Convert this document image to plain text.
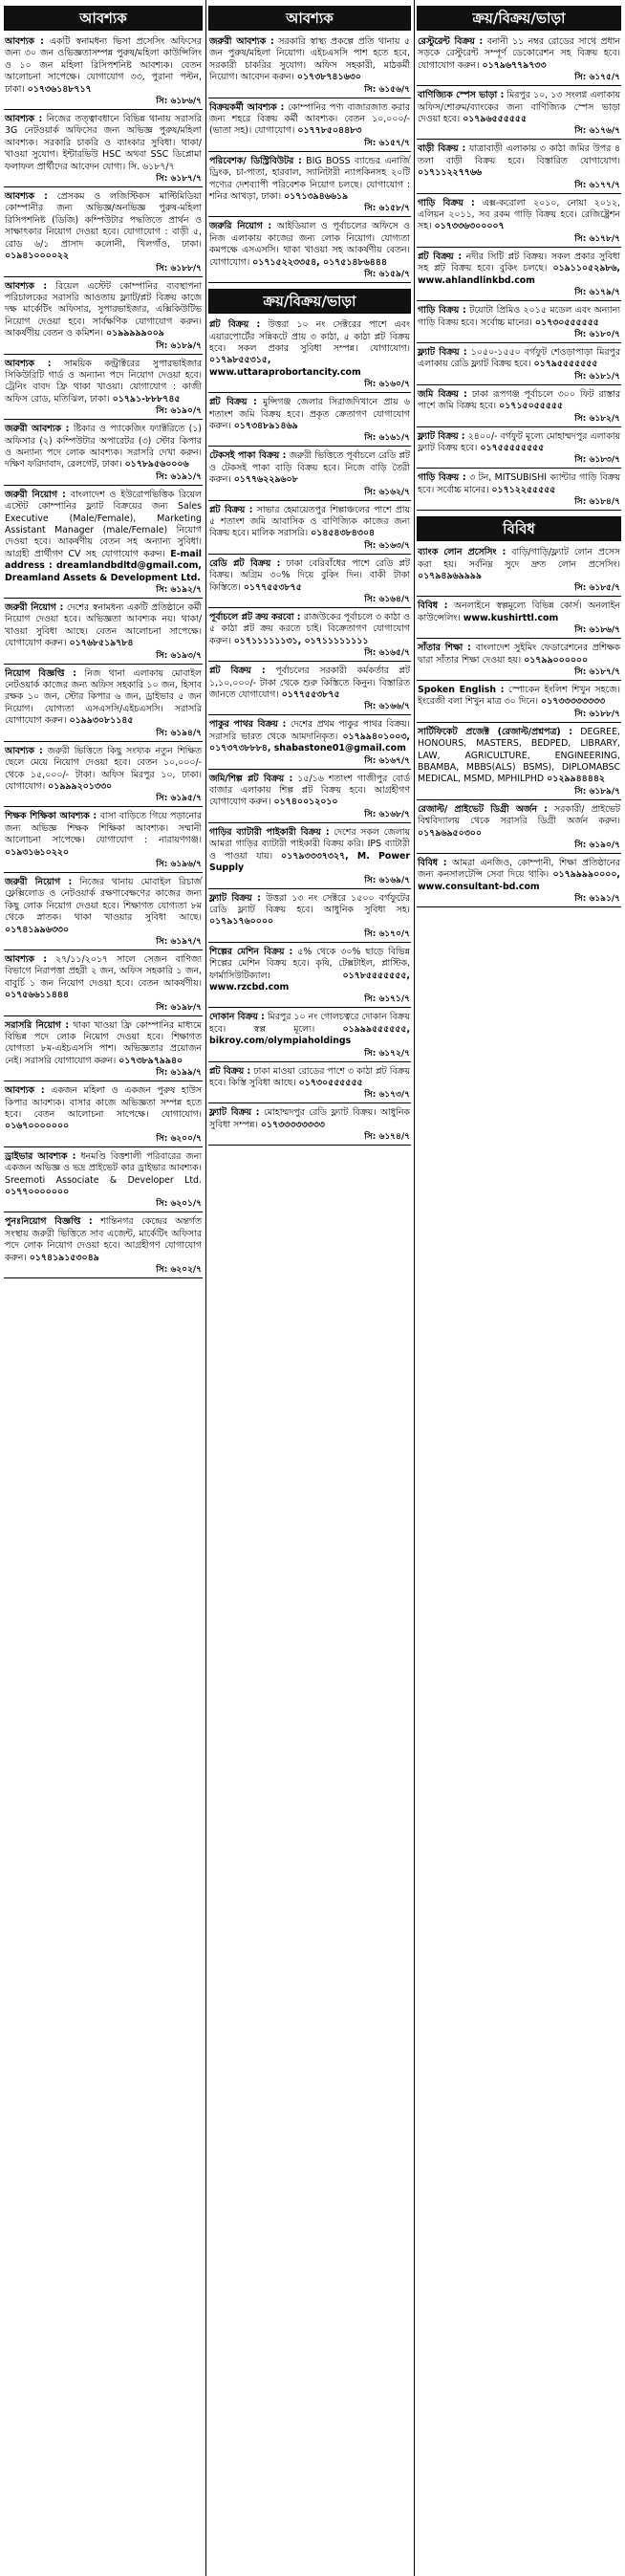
আবশ্যক
আবশ্যক : একটি স্বনামধন্য ভিসা প্রসেসিং অফিসের জন্য ৩০ জন ওভিজ্ঞতাসম্পন্ন পুরুষ/মহিলা কাউন্সিলিং ও ১০ জন মহিলা রিসিপশনিষ্ট আবশ্যক। বেতন আলোচনা সাপেক্ষে। যোগাযোগ ৩৩, পুরানা পল্টন, ঢাকা। ০১৭৩৬১৪৮৭১৭
সি: ৬১৮৬/৭
আবশ্যক : নিজের তত্ত্বাবধানে বিভিন্ন থানায় সরাসরি 3G নেটওয়ার্ক অফিসের জন্য অভিজ্ঞ পুরুষ/মহিলা আবশ্যক। সরকারি চাকরি ও ব্যাংকার সুবিধা। থাকা/খাওয়া সুযোগ। ইন্টারভিউ HSC অথবা SSC ডিপ্লোমা ফলাফল প্রার্থীদের আবেদন যোগ্য। সি. ৬১৮৭/৭
সি: ৬১৮৭/৭
আবশ্যক : প্রেসকম ও লজিস্টিকস মাল্টিমিডিয়া কোম্পানীর জন্য অভিজ্ঞ/অনভিজ্ঞ পুরুষ-মহিলা রিসিপশনিষ্ট (ডিজি) কম্পিউটার পদ্ধতিতে প্রার্থন ও সাক্ষাৎকার নিয়োগ দেওয়া হবে। যোগাযোগ : বাড়ী ৫, রোড ৬/১ প্রাসাদ কলোনী, খিলগাঁও, ঢাকা। ০১৯৪১০০০০২২
সি: ৬১৮৮/৭
আবশ্যক : রিয়েল এস্টেট কোম্পানির ব্যবস্থাপনা পরিচালকের সরাসরি আওতায় ফ্ল্যাট/প্লট বিক্রয় কাজে দক্ষ মার্কেটিং অফিসার, সুপারভাইজার, এক্সিকিউটিভ নিয়োগ দেওয়া হবে। সার্বক্ষণিক যোগাযোগ করুন। আকর্ষণীয় বেতন ও কমিশন। ০১৯৯৯৯৯০০৯
সি: ৬১৮৯/৭
আবশ্যক : সাময়িক কন্ট্রাক্টরের সুপারভাইজার সিকিউরিটি গার্ড ও অন্যান্য পদে নিয়োগ দেওয়া হবে। ট্রেনিং বাবদ ফ্রি থাকা খাওয়া। যোগাযোগ : কাজী অফিস রোড, মতিঝিল, ঢাকা। ০১৭৯১-৮৮৮৭৪৫
সি: ৬১৯০/৭
জরুরী আবশ্যক : ষ্টিকার ও প্যাকেজিং ফ্যাক্টরিতে (১) অফিসার (২) কম্পিউটার অপারেটর (৩) স্টোর কিপার ও অন্যান্য পদে লোক আবশ্যক। সরাসরি দেখা করুন। দক্ষিণ ফরিদাবাদ, রেলগেট, ঢাকা। ০১৭৮৯৫৬০০০৬
সি: ৬১৯১/৭
জরুরী নিয়োগ : বাংলাদেশ ও ইউরোপভিত্তিক রিয়েল এস্টেট কোম্পানির ফ্ল্যাট বিক্রয়ের জন্য Sales Executive (Male/Female), Marketing Assistant Manager (male/Female) নিয়োগ দেওয়া হবে। আকর্ষণীয় বেতন সহ অন্যান্য সুবিধা। আগ্রহী প্রার্থীগণ CV সহ যোগাযোগ করুন। E-mail address : dreamlandbdltd@gmail.com, Dreamland Assets & Development Ltd.
সি: ৬১৯২/৭
জরুরী নিয়োগ : দেশের স্বনামধন্য একটি প্রতিষ্ঠানে কর্মী নিয়োগ দেওয়া হবে। অভিজ্ঞতা আবশ্যক নয়। থাকা/খাওয়া সুবিধা আছে। বেতন আলোচনা সাপেক্ষে। যোগাযোগ করুন। ০১৭৬৮৫১৯৭৮৪
সি: ৬১৯৩/৭
নিয়োগ বিজ্ঞপ্তি : নিজ থানা এলাকায় মোবাইল নেটওয়ার্ক কাজের জন্য অফিস সহকারি ১০ জন, হিসাব রক্ষক ১০ জন, স্টোর কিপার ৬ জন, ড্রাইভার ৫ জন নিয়োগ। যোগ্যতা এসএসসি/এইচএসসি। সরাসরি যোগাযোগ করুন। ০১৯৯৩০৮১১৪৫
সি: ৬১৯৪/৭
আবশ্যক : জরুরী ভিত্তিতে কিছু সংখ্যক নতুন শিক্ষিত ছেলে মেয়ে নিয়োগ দেওয়া হবে। বেতন ১০,০০০/- থেকে ১৫,০০০/- টাকা। অফিস মিরপুর ১০, ঢাকা। যোগাযোগ। ০১৯৯৯২০১৩৩০
সি: ৬১৯৫/৭
শিক্ষক শিক্ষিকা আবশ্যক : বাসা বাড়িতে গিয়ে পড়ানোর জন্য অভিজ্ঞ শিক্ষক শিক্ষিকা আবশ্যক। সম্মানী আলোচনা সাপেক্ষে। যোগাযোগ : নারায়ণগঞ্জ। ০১৯৩১৬১০২২০
সি: ৬১৯৬/৭
জরুরী নিয়োগ : নিজের থানায় মোবাইল রিচার্জ ফ্লেক্সিলোড ও নেটওয়ার্ক রক্ষণাবেক্ষণের কাজের জন্য কিছু লোক নিয়োগ দেওয়া হবে। শিক্ষাগত যোগ্যতা ৮ম থেকে স্নাতক। থাকা খাওয়ার সুবিধা আছে। ০১৭৪১৯৯৬৩৩০
সি: ৬১৯৭/৭
আবশ্যক : ২৭/১১/২০১৭ সালে সেজন বাণিজ্য বিভাগে নিরাপত্তা প্রহরী ২ জন, অফিস সহকারি ১ জন, বাবুর্চি ১ জন নিয়োগ দেওয়া হবে। বেতন আকর্ষণীয়। ০১৭৫৬৬১১৪৪৪
সি: ৬১৯৮/৭
সরাসরি নিয়োগ : থাকা খাওয়া ফ্রি কোম্পানির মাধ্যমে বিভিন্ন পদে লোক নিয়োগ দেওয়া হবে। শিক্ষাগত যোগ্যতা ৮ম-এইচএসসি পাশ। অভিজ্ঞতার প্রয়োজন নেই। সরাসরি যোগাযোগ করুন। ০১৭৩৮৯৭৯৯৪০
সি: ৬১৯৯/৭
আবশ্যক : একজন মহিলা ও একজন পুরুষ হাউস কিপার আবশ্যক। বাসার কাজে অভিজ্ঞতা সম্পন্ন হতে হবে। বেতন আলোচনা সাপেক্ষে। যোগাযোগ। ০১৬৭০০০০০০০
সি: ৬২০০/৭
ড্রাইভার আবশ্যক : ধনমণ্ডি বিত্তশালী পরিবারের জন্য একজন অভিজ্ঞ ও ভদ্র প্রাইভেট কার ড্রাইভার আবশ্যক। Sreemoti Associate & Developer Ltd. ০১৭৭০০০০০০০
সি: ৬২০১/৭
পুনঃনিয়োগ বিজ্ঞপ্তি : শান্তিনগর কেন্দ্রের অন্তর্গত সংস্থায় জরুরী ভিত্তিতে সাব এজেন্ট, মার্কেটিং অফিসার পদে লোক নিয়োগ দেওয়া হবে। আগ্রহীগণ যোগাযোগ করুন। ০১৭৪১৯১৫৩০৪৯
সি: ৬২০২/৭
আবশ্যক
জরুরী আবশ্যক : সরকারি স্বাস্থ্য প্রকল্পে প্রতি থানায় ৫ জন পুরুষ/মহিলা নিয়োগ। এইচএসসি পাশ হতে হবে, সরকারী চাকরির সুযোগ। অফিস সহকারী, মাঠকর্মী নিয়োগ। আবেদন করুন। ০১৭৩৮৭৪১৬৩০
সি: ৬১৫৬/৭
বিক্রয়কর্মী আবশ্যক : কোম্পানির পণ্য বাজারজাত করার জন্য শহরে বিক্রয় কর্মী আবশ্যক। বেতন ১০,০০০/- (ভাতা সহ)। যোগাযোগ। ০১৭৭৮৫০৪৪৮৩
সি: ৬১৫৭/৭
পরিবেশক/ ডিস্ট্রিবিউটর : BIG BOSS ব্যান্ডের এনার্জি ড্রিংক, চা-পাতা, হারবাল, স্যানিটারী ন্যাপকিনসহ ২০টি পণ্যের দেশব্যাপী পরিবেশক নিয়োগ চলছে। যোগাযোগ : শনির আখড়া, ঢাকা। ০১৭১৩৯৪৬৬১৯
সি: ৬১৫৮/৭
জরুরি নিয়োগ : আইডিয়াল ও পূর্বাচলের অফিসে ও নিজ এলাকায় কাজের জন্য লোক নিয়োগ। যোগ্যতা কমপক্ষে এসএসসি। থাকা খাওয়া সহ আকর্ষণীয় বেতন। যোগাযোগ। ০১৭১৫২২৩৩৫৪, ০১৭৫১৪৮৬৪৪৪
সি: ৬১৫৯/৭
ক্রয়/বিক্রয়/ভাড়া
প্লট বিক্রয় : উত্তরা ১০ নং সেক্টরের পাশে এবং এয়ারপোর্টের সন্নিকটে প্রায় ৩ কাঠা, ৫ কাঠা প্লট বিক্রয় হবে। সকল প্রকার সুবিধা সম্পন্ন। যোগাযোগ। ০১৭৯৮৫৫৩১৫, www.uttaraprobortancity.com
সি: ৬১৬০/৭
প্লট বিক্রয় : মুন্সিগঞ্জ জেলার সিরাজদিখানে প্রায় ৬ শতাংশ জমি বিক্রয় হবে। প্রকৃত ক্রেতাগণ যোগাযোগ করুন। ০১৭৩৪৮৯১৪৬৯
সি: ৬১৬১/৭
টেকসই পাকা বিক্রয় : জরুরী ভিত্তিতে পূর্বাচলে রেডি প্লট ও টেকসই পাকা বাড়ি বিক্রয় হবে। নিজে বাড়ি তৈরী করুন। ০১৭৭৬২২৯৬০৮
সি: ৬১৬২/৭
প্লট বিক্রয় : সাভার হেমায়েতপুর শিল্পাঞ্চলের পাশে প্রায় ৫ শতাংশ জমি আবাসিক ও বাণিজ্যিক কাজের জন্য বিক্রয় হবে। মালিক সরাসরি। ০১৪৫৪৩৮৪৩০৪
সি: ৬১৬৩/৭
রেডি প্লট বিক্রয় : ঢাকা বেরিবাঁধের পাশে রেডি প্লট বিক্রয়। অগ্রিম ৩০% দিয়ে বুকিং দিন। বাকী টাকা কিস্তিতে। ০১৭৭৫৫৩৮৭৫
সি: ৬১৬৪/৭
পূর্বাচলে প্লট ক্রয় করবো : রাজউকের পূর্বাচলে ৩ কাঠা ও ৫ কাঠা প্লট ক্রয় করতে চাই। বিক্রেতাগণ যোগাযোগ করুন। ০১৭১১১১১১৩১, ০১৭১১১১১১১১
সি: ৬১৬৫/৭
প্লট বিক্রয় : পূর্বাচলের সরকারী কর্মকর্তার প্লট ১,১০,০০০/- টাকা থেকে শুরু কিস্তিতে কিনুন। বিস্তারিত জানতে যোগাযোগ। ০১৭৭৫৫৩৮৭৫
সি: ৬১৬৬/৭
পাকুর পাথর বিক্রয় : দেশের প্রথম পাকুর পাথর বিক্রয়। সরাসরি ভারত থেকে আমদানিকৃত। ০১৭৯৯৪০১০০৩, ০১৭৩৭৩৮৮৮৪, shabastone01@gmail.com
সি: ৬১৬৭/৭
জমি/শিল্প প্লট বিক্রয় : ১৫/১৬ শতাংশ গাজীপুর বোর্ড বাজার এলাকায় শিল্প প্লট বিক্রয় হবে। আগ্রহীগণ যোগাযোগ করুন। ০১৭৪০০১২০১০
সি: ৬১৬৮/৭
গাড়ির ব্যাটারী পাইকারী বিক্রয় : দেশের সকল জেলায় আমরা গাড়ির ব্যাটারী পাইকারী বিক্রয় করি। IPS ব্যাটারী ও পাওয়া যায়। ০১৭৯৩৩৩৭৩২৭, M. Power Supply
সি: ৬১৬৯/৭
ফ্ল্যাট বিক্রয় : উত্তরা ১৩ নং সেক্টরে ১৫০০ বর্গফুটের রেডি ফ্ল্যাট বিক্রয় হবে। আধুনিক সুবিধা সহ। ০১৭৯১৭৬০০০০
সি: ৬১৭০/৭
শিল্পের মেশিন বিক্রয় : ৫% থেকে ৩০% ছাড়ে বিভিন্ন শিল্পের মেশিন বিক্রয় হবে। কৃষি, টেক্সটাইল, প্লাস্টিক, ফার্মাসিউটিক্যাল।	০১৭৮৫৫৫৫৫৫৫, www.rzcbd.com
সি: ৬১৭১/৭
দোকান বিক্রয় : মিরপুর ১০ নং গোলচত্বরে দোকান বিক্রয় হবে। স্বল্প মূল্যে।	০১৯৯৯৫৫৫৫৫৫, bikroy.com/olympiaholdings
সি: ৬১৭২/৭
প্লট বিক্রয় : ঢাকা মাওয়া রোডের পাশে ৩ কাঠা প্লট বিক্রয় হবে। কিস্তি সুবিধা আছে। ০১৭৩০৫৫৫৫৫৫
সি: ৬১৭৩/৭
ফ্ল্যাট বিক্রয় : মোহাম্মদপুর রেডি ফ্ল্যাট বিক্রয়। আধুনিক সুবিধা সম্পন্ন। ০১৭৩৩৩৩৩৩৩৩
সি: ৬১৭৪/৭
ক্রয়/বিক্রয়/ভাড়া
রেস্টুরেন্ট বিক্রয় : বনানী ১১ নম্বর রোডের সাথে প্রধান সড়কে রেস্টুরেন্ট সম্পূর্ণ ডেকোরেশন সহ বিক্রয় হবে। যোগাযোগ করুন। ০১৭৯৬৭৭৯৭৩৩
সি: ৬১৭৫/৭
বাণিজ্যিক স্পেস ভাড়া : মিরপুর ১০, ১৩ সংলগ্ন এলাকায় অফিস/শোরুম/ব্যাংকের জন্য বাণিজ্যিক স্পেস ভাড়া দেওয়া হবে। ০১৭৯৬৫৫৫৫৫৫
সি: ৬১৭৬/৭
বাড়ী বিক্রয় : যাত্রাবাড়ী এলাকায় ৩ কাঠা জমির উপর ৪ তলা বাড়ী বিক্রয় হবে। বিস্তারিত যোগাযোগ। ০১৭১১২২৭৭৬৬
সি: ৬১৭৭/৭
গাড়ি বিক্রয় : এক্স-করোলা ২০১০, নোয়া ২০১২, এলিয়ন ২০১১, সব রকম গাড়ি বিক্রয় হবে। রেজিষ্ট্রেশন সহ। ০১৭৩৩৬৩০০০০৭
সি: ৬১৭৮/৭
প্লট বিক্রয় : নদীর সিটি প্লট বিক্রয়। সকল প্রকার সুবিধা সহ প্লট বিক্রয় হবে। বুকিং চলছে। ০১৯১১০৫২৯৮৬, www.ahlandlinkbd.com
সি: ৬১৭৯/৭
গাড়ি বিক্রয় : টয়োটা প্রিমিও ২০১৫ মডেল এবং অন্যান্য গাড়ি বিক্রয় হবে। সর্বোচ্চ মানের। ০১৭৩০৫৫৫৫৫৫
সি: ৬১৮০/৭
ফ্ল্যাট বিক্রয় : ১০৫০-১৫৫০ বর্গফুট শেওড়াপাড়া মিরপুর এলাকায় রেডি ফ্ল্যাট বিক্রয় হবে। ০১৭৯৫৫৫৫৫৫৫
সি: ৬১৮১/৭
জমি বিক্রয় : ঢাকা রূপগঞ্জ পূর্বাচলে ৩০০ ফিট রাস্তার পাশে জমি বিক্রয় হবে। ০১৭১৫০৫৫৫৫৫
সি: ৬১৮২/৭
ফ্ল্যাট বিক্রয় : ২৪০০/- বর্গফুট মূল্যে মোহাম্মদপুর এলাকায় ফ্ল্যাট বিক্রয় হবে। ০১৭৫৫৫৫৫৫৫৫
সি: ৬১৮৩/৭
গাড়ি বিক্রয় : ৩ টন, MITSUBISHI ক্যান্টার গাড়ি বিক্রয় হবে। সর্বোচ্চ মানের। ০১৭১২২৫৫৫৫৫
সি: ৬১৮৪/৭
বিবিধ
ব্যাংক লোন প্রসেসিং : বাড়ি/গাড়ি/ফ্ল্যাট লোন প্রসেস করা হয়। সর্বনিম্ন সুদে দ্রুত লোন প্রসেসিং। ০১৭৯৪৯৬৯৯৯৯
সি: ৬১৮৫/৭
বিবিধ : অনলাইনে স্বল্পমূল্যে বিভিন্ন কোর্স। অনলাইন কাউন্সেলিং। www.kushirttl.com
সি: ৬১৮৬/৭
সাঁতার শিক্ষা : বাংলাদেশ সুইমিং ফেডারেশনের প্রশিক্ষক দ্বারা সাঁতার শিক্ষা দেওয়া হয়। ০১৭৯৯০০০০০০
সি: ৬১৮৭/৭
Spoken English : স্পোকেন ইংলিশ শিখুন সহজে। ইংরেজী বলা শিখুন মাত্র ৩০ দিনে। ০১৭৩৩৩৩৩৩৩৩
সি: ৬১৮৮/৭
সার্টিফিকেট প্রজেক্ট (রেজাল্ট/প্রশ্নপত্র) : DEGREE, HONOURS, MASTERS, BEDPED, LIBRARY, LAW, AGRICULTURE, ENGINEERING, BBAMBA, MBBS(ALS) BSMS), DIPLOMABSC MEDICAL, MSMD, MPHILPHD ০১২৯৯৪৪৪৪২
সি: ৬১৮৯/৭
রেজাল্ট/ প্রাইভেট ডিগ্রী অর্জন : সরকারী/ প্রাইভেট বিশ্ববিদ্যালয় থেকে সরাসরি ডিগ্রী অর্জন করুন। ০১৭৯৬৯৫০৩০০
সি: ৬১৯০/৭
বিবিধ : আমরা এনজিও, কোম্পানী, শিক্ষা প্রতিষ্ঠানের জন্য কনসালটেন্সি সেবা দিয়ে থাকি। ০১৭৯৯৯৯০০০০, www.consultant-bd.com
সি: ৬১৯১/৭
